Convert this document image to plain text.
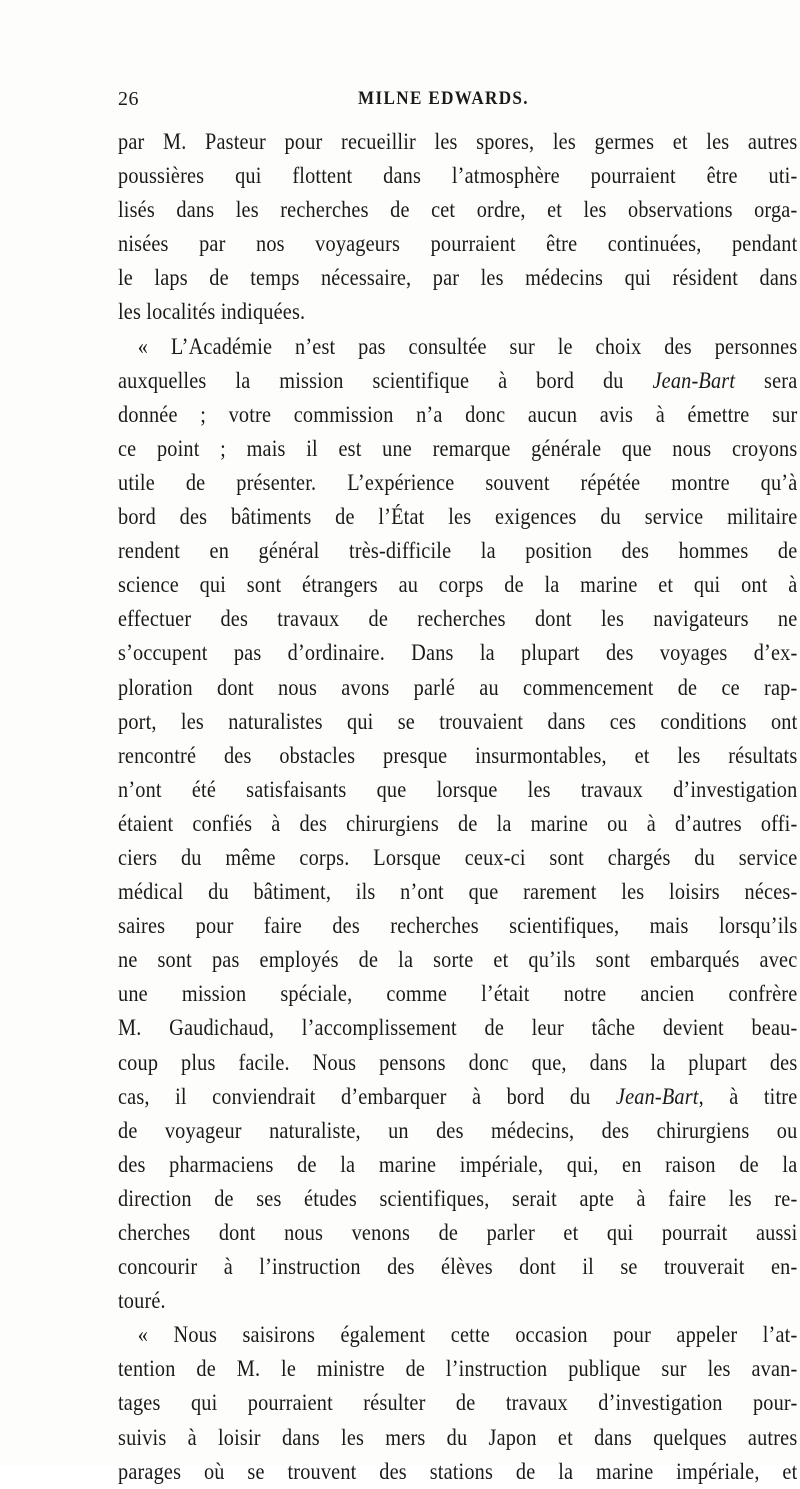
26	MILNE EDWARDS.
par M. Pasteur pour recueillir les spores, les germes et les autres
poussières qui flottent dans l’atmosphère pourraient être uti-
lisés dans les recherches de cet ordre, et les observations orga-
nisées par nos voyageurs pourraient être continuées, pendant
le laps de temps nécessaire, par les médecins qui résident dans
les localités indiquées.
« L’Académie n’est pas consultée sur le choix des personnes
auxquelles la mission scientifique à bord du Jean-Bart sera
donnée ; votre commission n’a donc aucun avis à émettre sur
ce point ; mais il est une remarque générale que nous croyons
utile de présenter. L’expérience souvent répétée montre qu’à
bord des bâtiments de l’État les exigences du service militaire
rendent en général très-difficile la position des hommes de
science qui sont étrangers au corps de la marine et qui ont à
effectuer des travaux de recherches dont les navigateurs ne
s’occupent pas d’ordinaire. Dans la plupart des voyages d’ex-
ploration dont nous avons parlé au commencement de ce rap-
port, les naturalistes qui se trouvaient dans ces conditions ont
rencontré des obstacles presque insurmontables, et les résultats
n’ont été satisfaisants que lorsque les travaux d’investigation
étaient confiés à des chirurgiens de la marine ou à d’autres offi-
ciers du même corps. Lorsque ceux-ci sont chargés du service
médical du bâtiment, ils n’ont que rarement les loisirs néces-
saires pour faire des recherches scientifiques, mais lorsqu’ils
ne sont pas employés de la sorte et qu’ils sont embarqués avec
une mission spéciale, comme l’était notre ancien confrère
M. Gaudichaud, l’accomplissement de leur tâche devient beau-
coup plus facile. Nous pensons donc que, dans la plupart des
cas, il conviendrait d’embarquer à bord du Jean-Bart, à titre
de voyageur naturaliste, un des médecins, des chirurgiens ou
des pharmaciens de la marine impériale, qui, en raison de la
direction de ses études scientifiques, serait apte à faire les re-
cherches dont nous venons de parler et qui pourrait aussi
concourir à l’instruction des élèves dont il se trouverait en-
touré.
« Nous saisirons également cette occasion pour appeler l’at-
tention de M. le ministre de l’instruction publique sur les avan-
tages qui pourraient résulter de travaux d’investigation pour-
suivis à loisir dans les mers du Japon et dans quelques autres
parages où se trouvent des stations de la marine impériale, et
